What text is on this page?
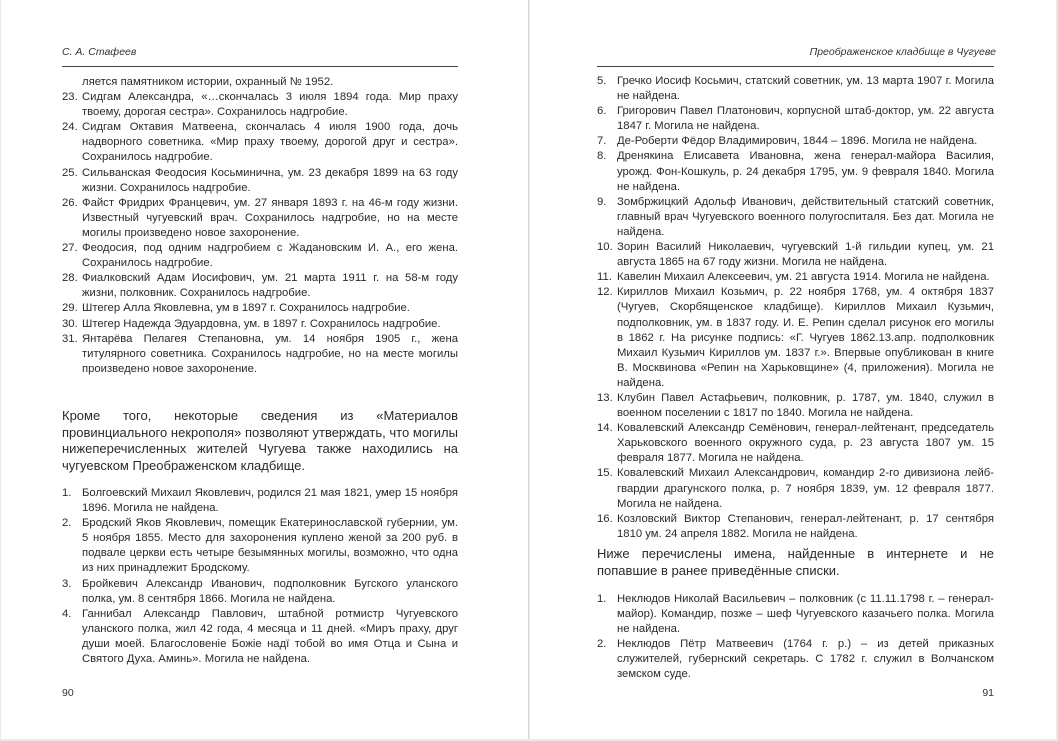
С. А. Стафеев
ляется памятником истории, охранный № 1952.
23. Сидгам Александра, «…скончалась 3 июля 1894 года. Мир праху твоему, дорогая сестра». Сохранилось надгробие.
24. Сидгам Октавия Матвеена, скончалась 4 июля 1900 года, дочь надворного советника. «Мир праху твоему, дорогой друг и сестра». Сохранилось надгробие.
25. Сильванская Феодосия Косьминична, ум. 23 декабря 1899 на 63 году жизни. Сохранилось надгробие.
26. Файст Фридрих Францевич, ум. 27 января 1893 г. на 46-м году жизни. Известный чугуевский врач. Сохранилось надгробие, но на месте могилы произведено новое захоронение.
27. Феодосия, под одним надгробием с Жадановским И. А., его жена. Сохранилось надгробие.
28. Фиалковский Адам Иосифович, ум. 21 марта 1911 г. на 58-м году жизни, полковник. Сохранилось надгробие.
29. Штегер Алла Яковлевна, ум в 1897 г. Сохранилось надгробие.
30. Штегер Надежда Эдуардовна, ум. в 1897 г. Сохранилось надгробие.
31. Янтарёва Пелагея Степановна, ум. 14 ноября 1905 г., жена титулярного советника. Сохранилось надгробие, но на месте могилы произведено новое захоронение.
Кроме того, некоторые сведения из «Материалов провинциального некрополя» позволяют утверждать, что могилы нижеперечисленных жителей Чугуева также находились на чугуевском Преображенском кладбище.
1. Болгоевский Михаил Яковлевич, родился 21 мая 1821, умер 15 ноября 1896. Могила не найдена.
2. Бродский Яков Яковлевич, помещик Екатеринославской губернии, ум. 5 ноября 1855. Место для захоронения куплено женой за 200 руб. в подвале церкви есть четыре безымянных могилы, возможно, что одна из них принадлежит Бродскому.
3. Бройкевич Александр Иванович, подполковник Бугского уланского полка, ум. 8 сентября 1866. Могила не найдена.
4. Ганнибал Александр Павлович, штабной ротмистр Чугуевского уланского полка, жил 42 года, 4 месяца и 11 дней. «Миръ праху, друг души моей. Благословеніе Божіе надї тобой во имя Отца и Сына и Святого Духа. Аминь». Могила не найдена.
90
Преображенское кладбище в Чугуеве
5. Гречко Иосиф Косьмич, статский советник, ум. 13 марта 1907 г. Могила не найдена.
6. Григорович Павел Платонович, корпусной штаб-доктор, ум. 22 августа 1847 г. Могила не найдена.
7. Де-Роберти Фёдор Владимирович, 1844 – 1896. Могила не найдена.
8. Дренякина Елисавета Ивановна, жена генерал-майора Василия, урожд. Фон-Кошкуль, р. 24 декабря 1795, ум. 9 февраля 1840. Могила не найдена.
9. Зомбржицкий Адольф Иванович, действительный статский советник, главный врач Чугуевского военного полугоспиталя. Без дат. Могила не найдена.
10. Зорин Василий Николаевич, чугуевский 1-й гильдии купец, ум. 21 августа 1865 на 67 году жизни. Могила не найдена.
11. Кавелин Михаил Алексеевич, ум. 21 августа 1914. Могила не найдена.
12. Кириллов Михаил Козьмич, р. 22 ноября 1768, ум. 4 октября 1837 (Чугуев, Скорбященское кладбище). Кириллов Михаил Кузьмич, подполковник, ум. в 1837 году. И. Е. Репин сделал рисунок его могилы в 1862 г. На рисунке подпись: «Г. Чугуев 1862.13.апр. подполковник Михаил Кузьмич Кириллов ум. 1837 г.». Впервые опубликован в книге В. Москвинова «Репин на Харьковщине» (4, приложения). Могила не найдена.
13. Клубин Павел Астафьевич, полковник, р. 1787, ум. 1840, служил в военном поселении с 1817 по 1840. Могила не найдена.
14. Ковалевский Александр Семёнович, генерал-лейтенант, председатель Харьковского военного окружного суда, р. 23 августа 1807 ум. 15 февраля 1877. Могила не найдена.
15. Ковалевский Михаил Александрович, командир 2-го дивизиона лейб-гвардии драгунского полка, р. 7 ноября 1839, ум. 12 февраля 1877. Могила не найдена.
16. Козловский Виктор Степанович, генерал-лейтенант, р. 17 сентября 1810 ум. 24 апреля 1882. Могила не найдена.
Ниже перечислены имена, найденные в интернете и не попавшие в ранее приведённые списки.
1. Неклюдов Николай Васильевич – полковник (с 11.11.1798 г. – генерал-майор). Командир, позже – шеф Чугуевского казачьего полка. Могила не найдена.
2. Неклюдов Пётр Матвеевич (1764 г. р.) – из детей приказных служителей, губернский секретарь. С 1782 г. служил в Волчанском земском суде.
91
